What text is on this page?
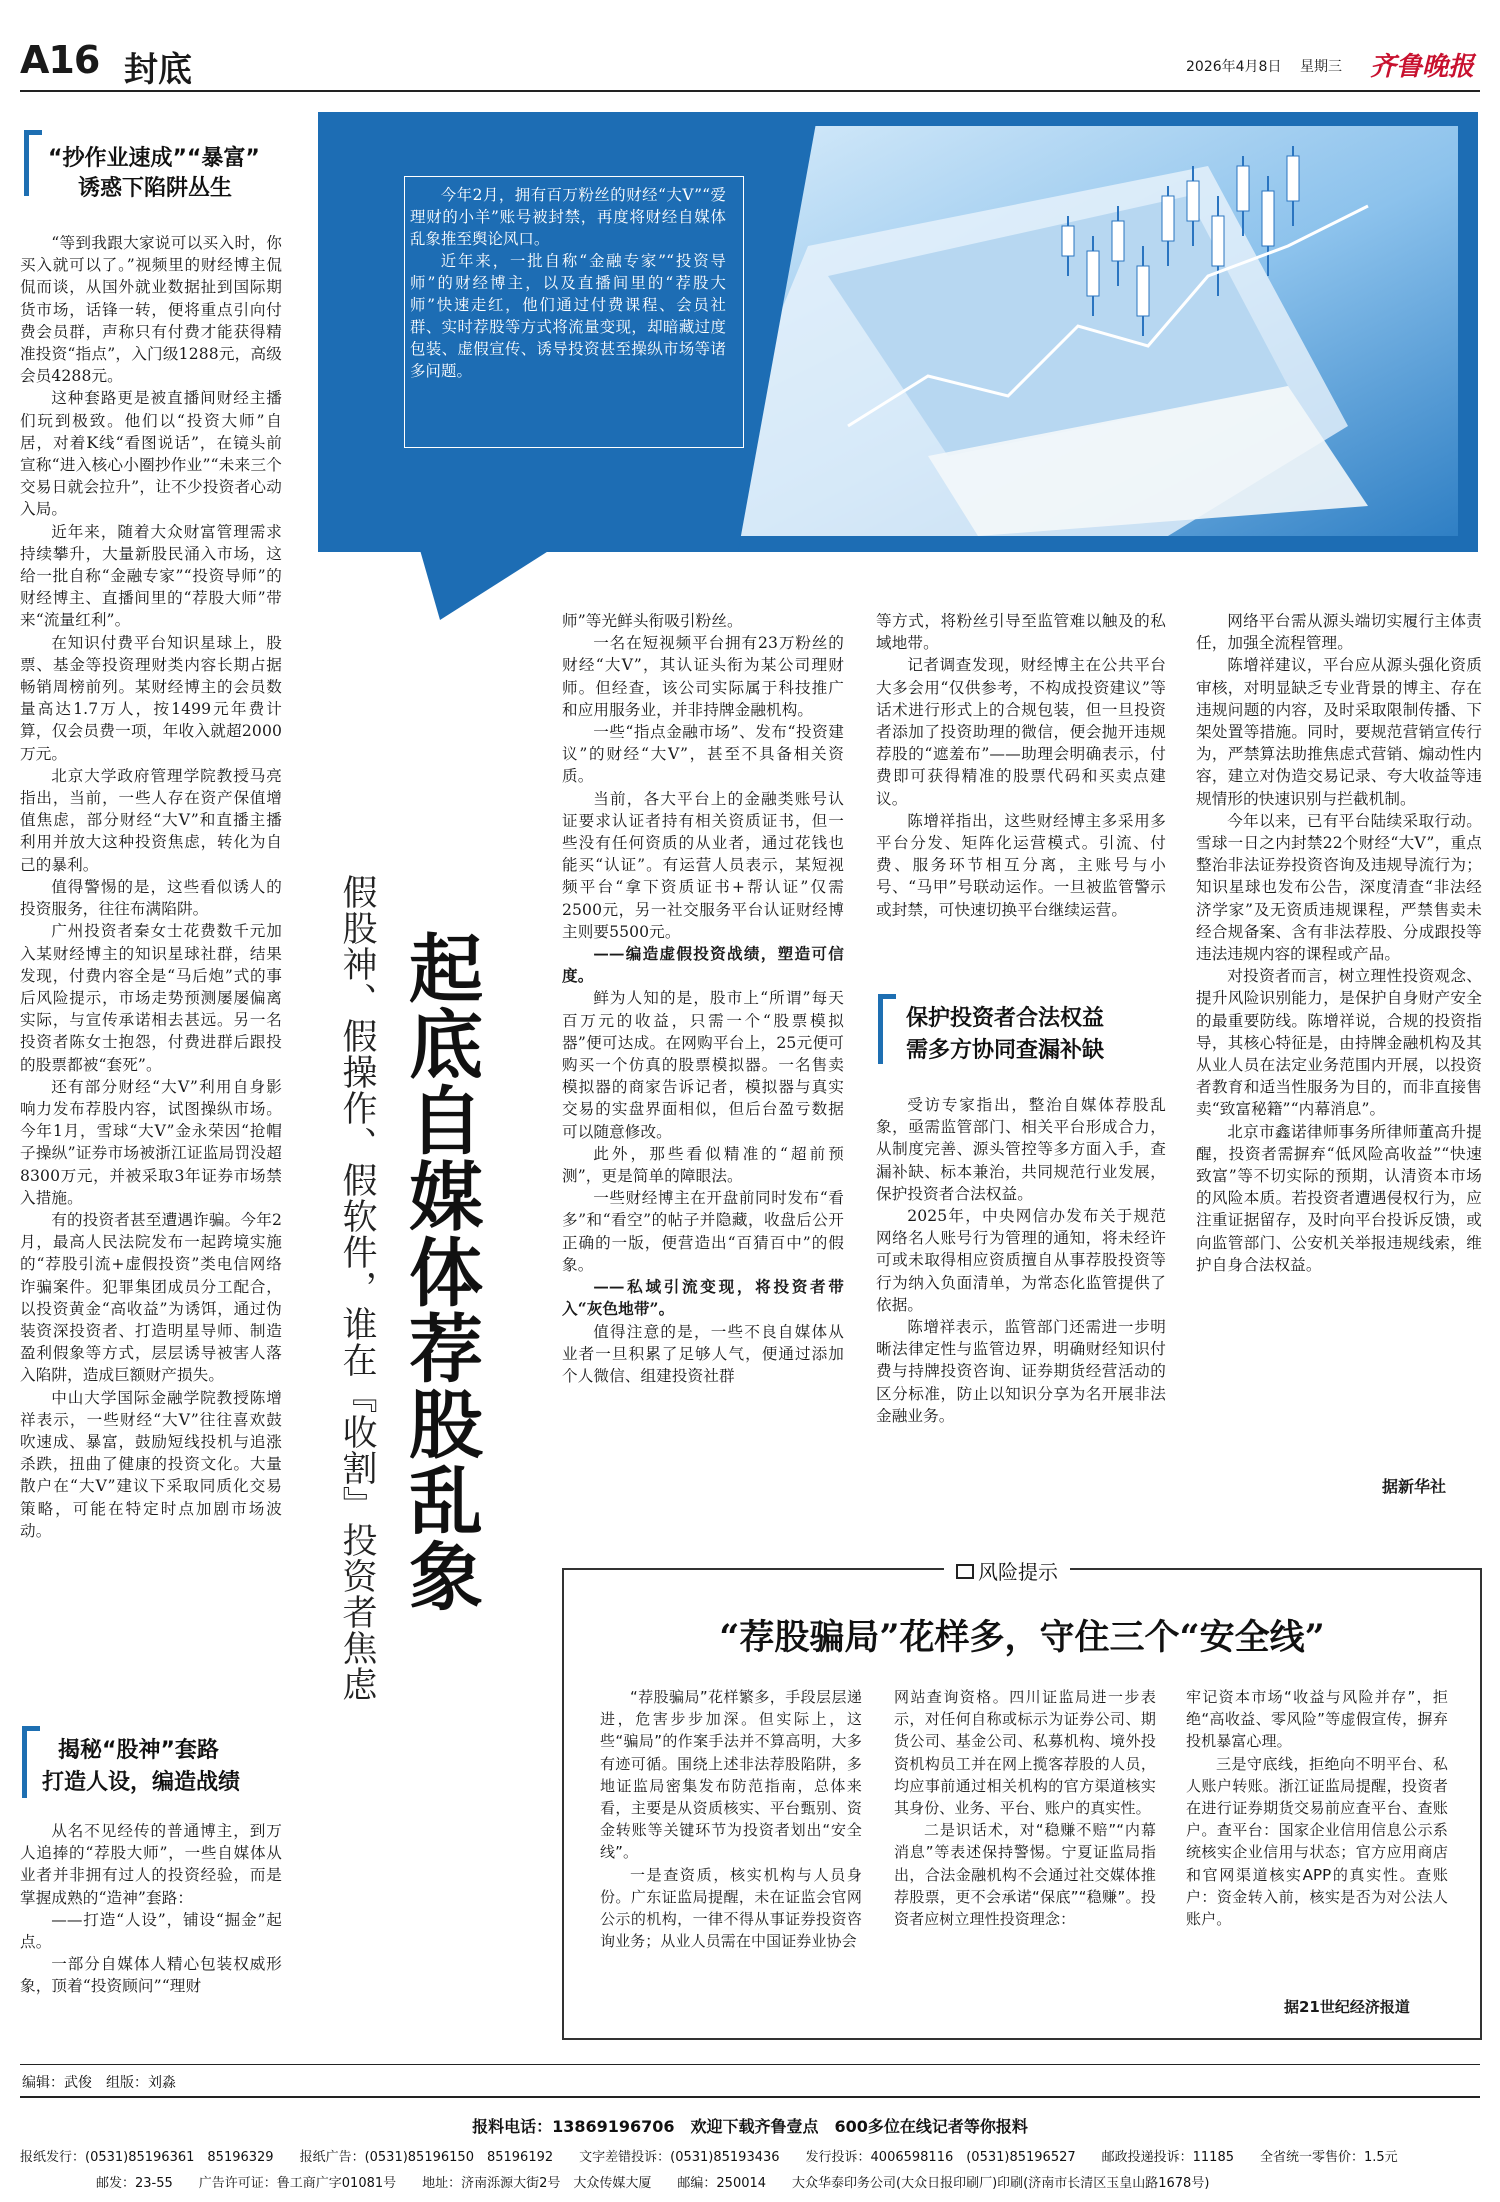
A16 封底	2026年4月8日 星期三 齐鲁晚报
“抄作业速成”“暴富”
诱惑下陷阱丛生

“等到我跟大家说可以买入时，你买入就可以了。”视频里的财经博主侃侃而谈，从国外就业数据扯到国际期货市场，话锋一转，便将重点引向付费会员群，声称只有付费才能获得精准投资“指点”，入门级1288元，高级会员4288元。

这种套路更是被直播间财经主播们玩到极致。他们以“投资大师”自居，对着K线“看图说话”，在镜头前宣称“进入核心小圈抄作业”“未来三个交易日就会拉升”，让不少投资者心动入局。

近年来，随着大众财富管理需求持续攀升，大量新股民涌入市场，这给一批自称“金融专家”“投资导师”的财经博主、直播间里的“荐股大师”带来“流量红利”。

在知识付费平台知识星球上，股票、基金等投资理财类内容长期占据畅销周榜前列。某财经博主的会员数量高达1.7万人，按1499元年费计算，仅会员费一项，年收入就超2000万元。

北京大学政府管理学院教授马亮指出，当前，一些人存在资产保值增值焦虑，部分财经“大V”和直播主播利用并放大这种投资焦虑，转化为自己的暴利。

值得警惕的是，这些看似诱人的投资服务，往往布满陷阱。

广州投资者秦女士花费数千元加入某财经博主的知识星球社群，结果发现，付费内容全是“马后炮”式的事后风险提示，市场走势预测屡屡偏离实际，与宣传承诺相去甚远。另一名投资者陈女士抱怨，付费进群后跟投的股票都被“套死”。

还有部分财经“大V”利用自身影响力发布荐股内容，试图操纵市场。今年1月，雪球“大V”金永荣因“抢帽子操纵”证券市场被浙江证监局罚没超8300万元，并被采取3年证券市场禁入措施。

有的投资者甚至遭遇诈骗。今年2月，最高人民法院发布一起跨境实施的“荐股引流+虚假投资”类电信网络诈骗案件。犯罪集团成员分工配合，以投资黄金“高收益”为诱饵，通过伪装资深投资者、打造明星导师、制造盈利假象等方式，层层诱导被害人落入陷阱，造成巨额财产损失。

中山大学国际金融学院教授陈增祥表示，一些财经“大V”往往喜欢鼓吹速成、暴富，鼓励短线投机与追涨杀跌，扭曲了健康的投资文化。大量散户在“大V”建议下采取同质化交易策略，可能在特定时点加剧市场波动。

揭秘“股神”套路
打造人设，编造战绩

从名不见经传的普通博主，到万人追捧的“荐股大师”，一些自媒体从业者并非拥有过人的投资经验，而是掌握成熟的“造神”套路：

——打造“人设”，铺设“掘金”起点。

一部分自媒体人精心包装权威形象，顶着“投资顾问”“理财

今年2月，拥有百万粉丝的财经“大V”“爱理财的小羊”账号被封禁，再度将财经自媒体乱象推至舆论风口。

近年来，一批自称“金融专家”“投资导师”的财经博主，以及直播间里的“荐股大师”快速走红，他们通过付费课程、会员社群、实时荐股等方式将流量变现，却暗藏过度包装、虚假宣传、诱导投资甚至操纵市场等诸多问题。

起底自媒体荐股乱象
假股神、假操作、假软件，谁在『收割』投资者焦虑

师”等光鲜头衔吸引粉丝。

一名在短视频平台拥有23万粉丝的财经“大V”，其认证头衔为某公司理财师。但经查，该公司实际属于科技推广和应用服务业，并非持牌金融机构。

一些“指点金融市场”、发布“投资建议”的财经“大V”，甚至不具备相关资质。

当前，各大平台上的金融类账号认证要求认证者持有相关资质证书，但一些没有任何资质的从业者，通过花钱也能买“认证”。有运营人员表示，某短视频平台“拿下资质证书+帮认证”仅需2500元，另一社交服务平台认证财经博主则要5500元。

——编造虚假投资战绩，塑造可信度。

鲜为人知的是，股市上“所谓”每天百万元的收益，只需一个“股票模拟器”便可达成。在网购平台上，25元便可购买一个仿真的股票模拟器。一名售卖模拟器的商家告诉记者，模拟器与真实交易的实盘界面相似，但后台盈亏数据可以随意修改。

此外，那些看似精准的“超前预测”，更是简单的障眼法。

一些财经博主在开盘前同时发布“看多”和“看空”的帖子并隐藏，收盘后公开正确的一版，便营造出“百猜百中”的假象。

——私域引流变现，将投资者带入“灰色地带”。

值得注意的是，一些不良自媒体从业者一旦积累了足够人气，便通过添加个人微信、组建投资社群

等方式，将粉丝引导至监管难以触及的私域地带。

记者调查发现，财经博主在公共平台大多会用“仅供参考，不构成投资建议”等话术进行形式上的合规包装，但一旦投资者添加了投资助理的微信，便会抛开违规荐股的“遮羞布”——助理会明确表示，付费即可获得精准的股票代码和买卖点建议。

陈增祥指出，这些财经博主多采用多平台分发、矩阵化运营模式。引流、付费、服务环节相互分离，主账号与小号、“马甲”号联动运作。一旦被监管警示或封禁，可快速切换平台继续运营。

保护投资者合法权益
需多方协同查漏补缺

受访专家指出，整治自媒体荐股乱象，亟需监管部门、相关平台形成合力，从制度完善、源头管控等多方面入手，查漏补缺、标本兼治，共同规范行业发展，保护投资者合法权益。

2025年，中央网信办发布关于规范网络名人账号行为管理的通知，将未经许可或未取得相应资质擅自从事荐股投资等行为纳入负面清单，为常态化监管提供了依据。

陈增祥表示，监管部门还需进一步明晰法律定性与监管边界，明确财经知识付费与持牌投资咨询、证券期货经营活动的区分标准，防止以知识分享为名开展非法金融业务。

网络平台需从源头端切实履行主体责任，加强全流程管理。

陈增祥建议，平台应从源头强化资质审核，对明显缺乏专业背景的博主、存在违规问题的内容，及时采取限制传播、下架处置等措施。同时，要规范营销宣传行为，严禁算法助推焦虑式营销、煽动性内容，建立对伪造交易记录、夸大收益等违规情形的快速识别与拦截机制。

今年以来，已有平台陆续采取行动。雪球一日之内封禁22个财经“大V”，重点整治非法证券投资咨询及违规导流行为；知识星球也发布公告，深度清查“非法经济学家”及无资质违规课程，严禁售卖未经合规备案、含有非法荐股、分成跟投等违法违规内容的课程或产品。

对投资者而言，树立理性投资观念、提升风险识别能力，是保护自身财产安全的最重要防线。陈增祥说，合规的投资指导，其核心特征是，由持牌金融机构及其从业人员在法定业务范围内开展，以投资者教育和适当性服务为目的，而非直接售卖“致富秘籍”“内幕消息”。

北京市鑫诺律师事务所律师董高升提醒，投资者需摒弃“低风险高收益”“快速致富”等不切实际的预期，认清资本市场的风险本质。若投资者遭遇侵权行为，应注重证据留存，及时向平台投诉反馈，或向监管部门、公安机关举报违规线索，维护自身合法权益。

据新华社
风险提示
“荐股骗局”花样多，守住三个“安全线”

“荐股骗局”花样繁多，手段层层递进，危害步步加深。但实际上，这些“骗局”的作案手法并不算高明，大多有迹可循。围绕上述非法荐股陷阱，多地证监局密集发布防范指南，总体来看，主要是从资质核实、平台甄别、资金转账等关键环节为投资者划出“安全线”。

一是查资质，核实机构与人员身份。广东证监局提醒，未在证监会官网公示的机构，一律不得从事证券投资咨询业务；从业人员需在中国证券业协会

网站查询资格。四川证监局进一步表示，对任何自称或标示为证券公司、期货公司、基金公司、私募机构、境外投资机构员工并在网上揽客荐股的人员，均应事前通过相关机构的官方渠道核实其身份、业务、平台、账户的真实性。

二是识话术，对“稳赚不赔”“内幕消息”等表述保持警惕。宁夏证监局指出，合法金融机构不会通过社交媒体推荐股票，更不会承诺“保底”“稳赚”。投资者应树立理性投资理念：

牢记资本市场“收益与风险并存”，拒绝“高收益、零风险”等虚假宣传，摒弃投机暴富心理。

三是守底线，拒绝向不明平台、私人账户转账。浙江证监局提醒，投资者在进行证券期货交易前应查平台、查账户。查平台：国家企业信用信息公示系统核实企业信用与状态；官方应用商店和官网渠道核实APP的真实性。查账户：资金转入前，核实是否为对公法人账户。

据21世纪经济报道
编辑：武俊　组版：刘淼
报料电话：13869196706　欢迎下载齐鲁壹点　600多位在线记者等你报料
报纸发行：(0531)85196361　85196329　　报纸广告：(0531)85196150　85196192　　文字差错投诉：(0531)85193436　　发行投诉：4006598116　(0531)85196527　　邮政投递投诉：11185　　全省统一零售价：1.5元
邮发：23-55　　广告许可证：鲁工商广字01081号　　地址：济南泺源大街2号　大众传媒大厦　　邮编：250014　　大众华泰印务公司(大众日报印刷厂)印刷(济南市长清区玉皇山路1678号)
